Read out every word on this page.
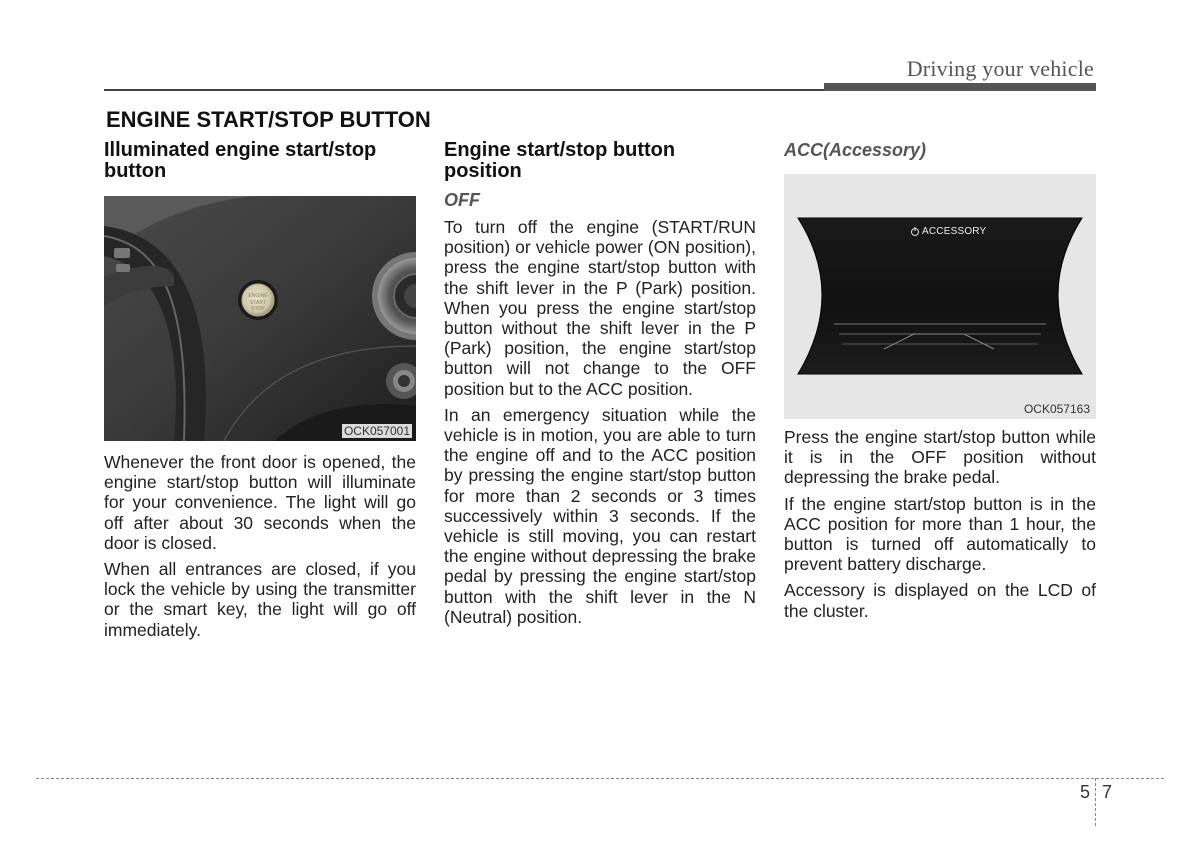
Driving your vehicle
ENGINE START/STOP BUTTON
Illuminated engine start/stop button
ENGINE
START
STOP
OCK057001

Whenever the front door is opened, the engine start/stop button will illuminate for your convenience. The light will go off after about 30 seconds when the door is closed.

When all entrances are closed, if you lock the vehicle by using the transmitter or the smart key, the light will go off immediately.

Engine start/stop button position
OFF

To turn off the engine (START/RUN position) or vehicle power (ON position), press the engine start/stop button with the shift lever in the P (Park) position. When you press the engine start/stop button without the shift lever in the P (Park) position, the engine start/stop button will not change to the OFF position but to the ACC position.

In an emergency situation while the vehicle is in motion, you are able to turn the engine off and to the ACC position by pressing the engine start/stop button for more than 2 seconds or 3 times successively within 3 seconds. If the vehicle is still moving, you can restart the engine without depressing the brake pedal by pressing the engine start/stop button with the shift lever in the N (Neutral) position.

ACC(Accessory)
ACCESSORY
OCK057163

Press the engine start/stop button while it is in the OFF position without depressing the brake pedal.

If the engine start/stop button is in the ACC position for more than 1 hour, the button is turned off automatically to prevent battery discharge.

Accessory is displayed on the LCD of the cluster.

5 7
